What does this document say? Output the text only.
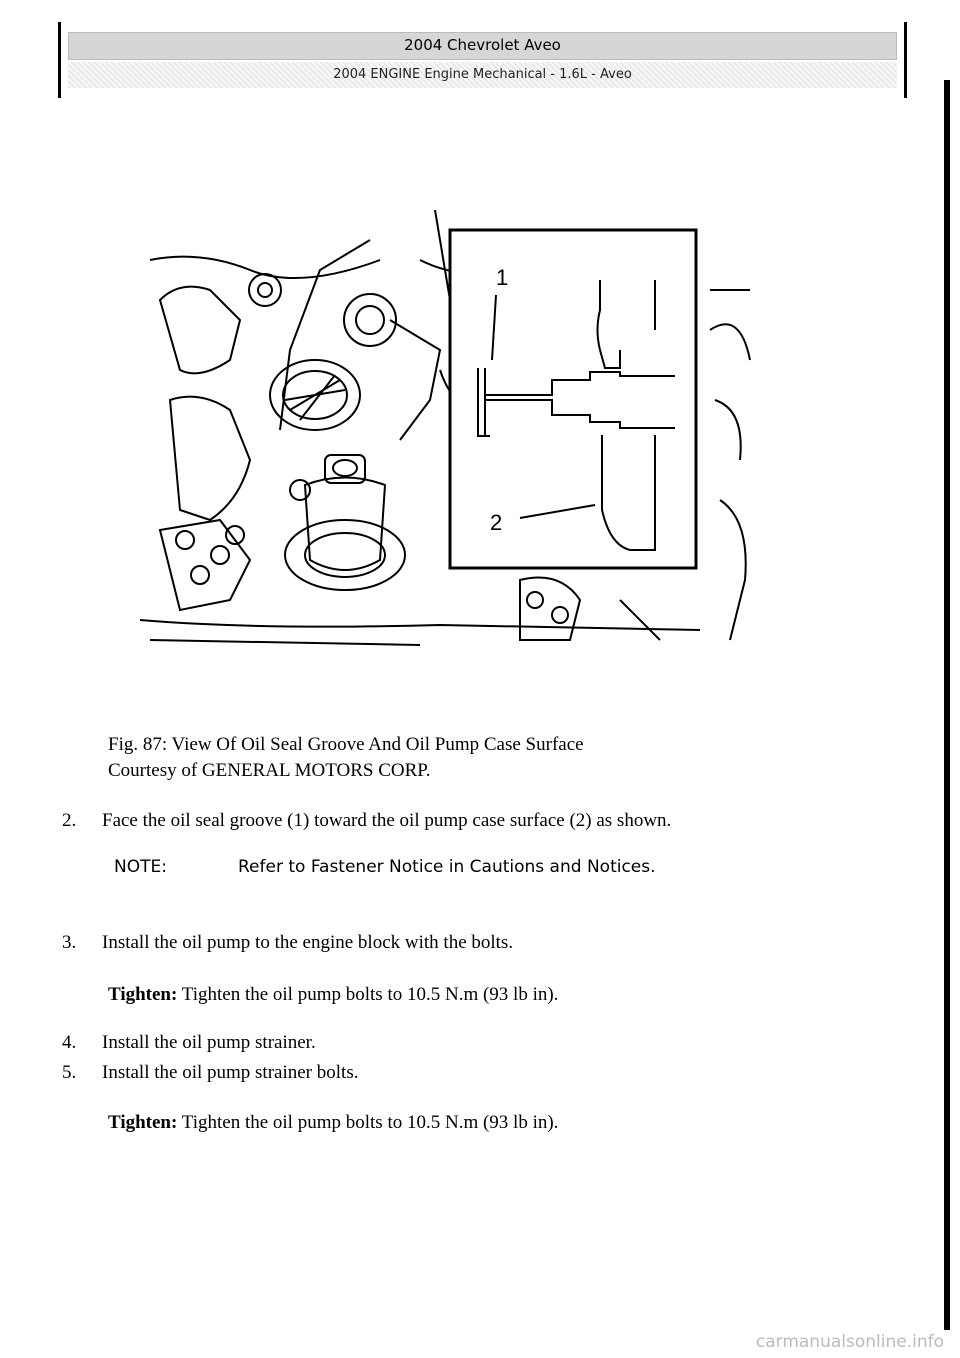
2004 Chevrolet Aveo
2004 ENGINE Engine Mechanical - 1.6L - Aveo
1
2
Fig. 87: View Of Oil Seal Groove And Oil Pump Case Surface
Courtesy of GENERAL MOTORS CORP.
2. Face the oil seal groove (1) toward the oil pump case surface (2) as shown.
NOTE:	Refer to Fastener Notice in Cautions and Notices.
3. Install the oil pump to the engine block with the bolts.
Tighten: Tighten the oil pump bolts to 10.5 N.m (93 lb in).
4. Install the oil pump strainer.
5. Install the oil pump strainer bolts.
Tighten: Tighten the oil pump bolts to 10.5 N.m (93 lb in).
carmanualsonline.info
